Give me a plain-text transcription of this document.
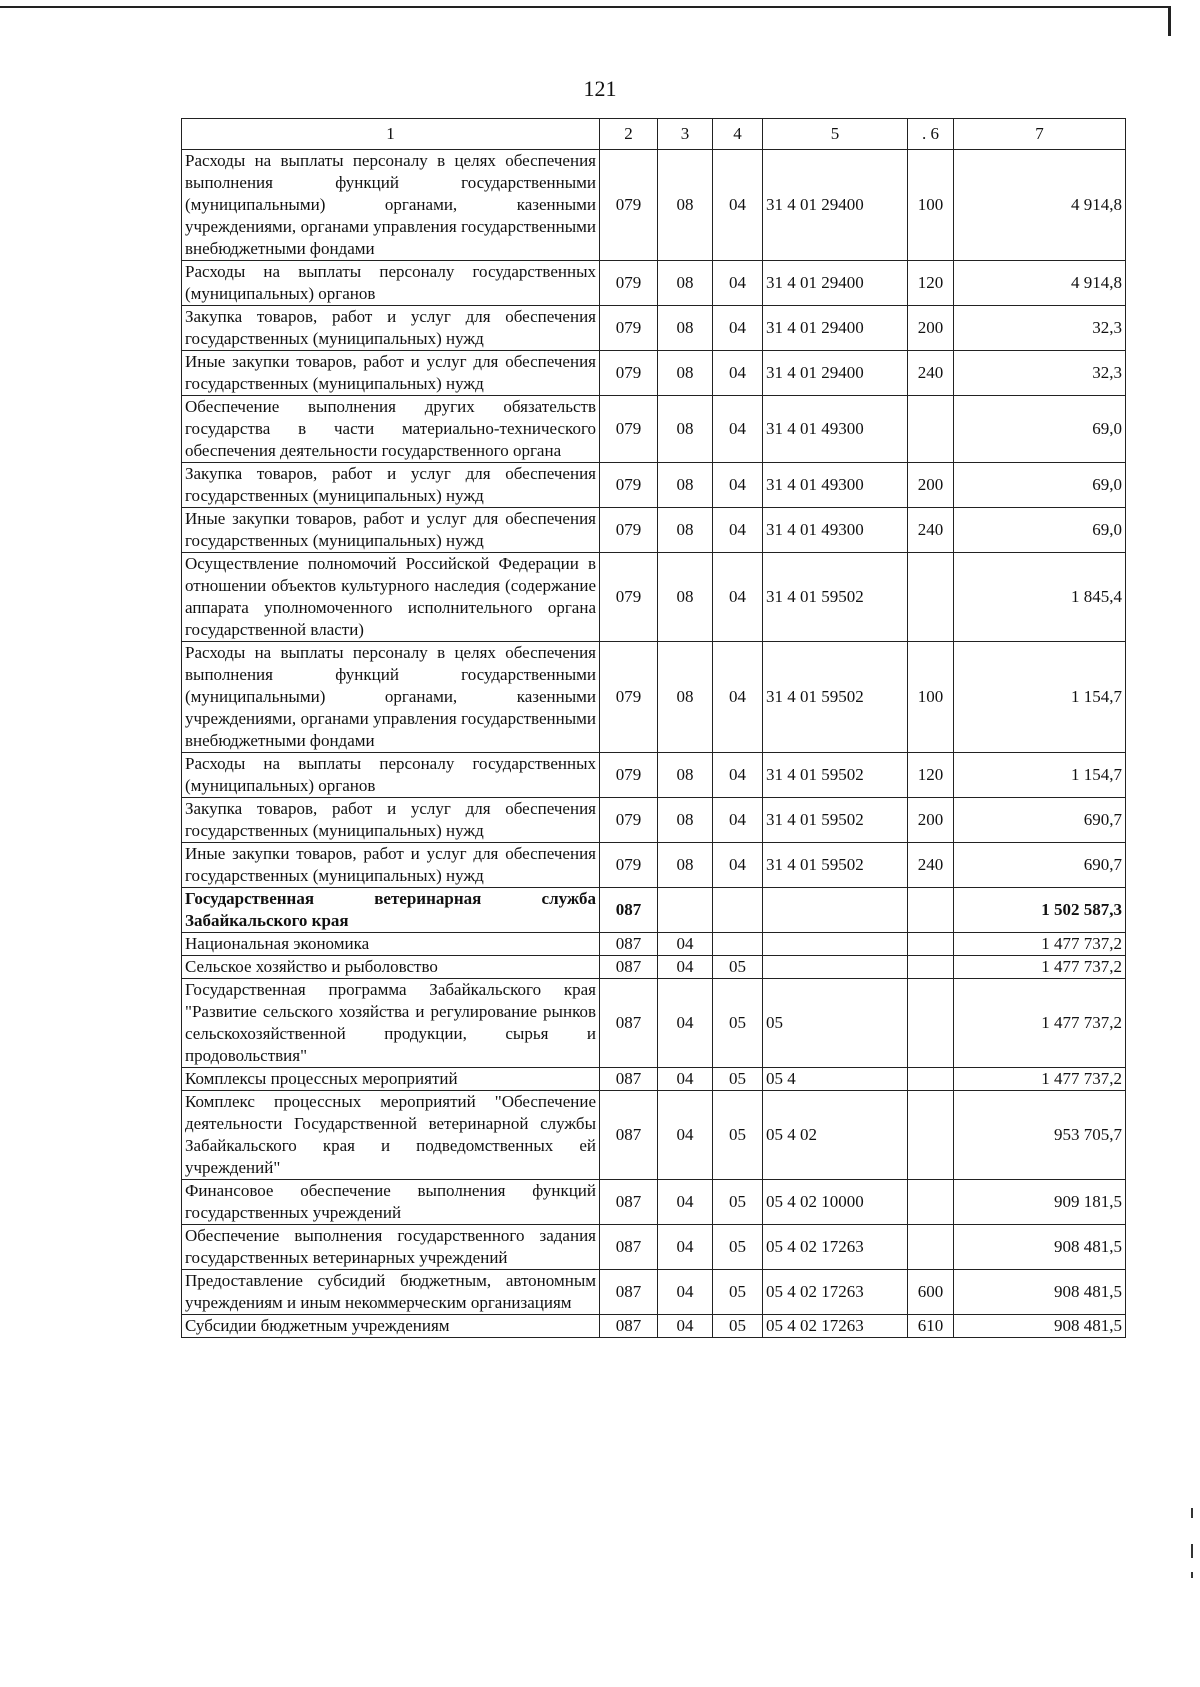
121
1	2	3	4	5	. 6	7
Расходы на выплаты персоналу в целях обеспечения выполнения функций государственными (муниципальными) органами, казенными учреждениями, органами управления государственными внебюджетными фондами	079	08	04	31 4 01 29400	100	4 914,8
Расходы на выплаты персоналу государственных (муниципальных) органов	079	08	04	31 4 01 29400	120	4 914,8
Закупка товаров, работ и услуг для обеспечения государственных (муниципальных) нужд	079	08	04	31 4 01 29400	200	32,3
Иные закупки товаров, работ и услуг для обеспечения государственных (муниципальных) нужд	079	08	04	31 4 01 29400	240	32,3
Обеспечение выполнения других обязательств государства в части материально-технического обеспечения деятельности государственного органа	079	08	04	31 4 01 49300		69,0
Закупка товаров, работ и услуг для обеспечения государственных (муниципальных) нужд	079	08	04	31 4 01 49300	200	69,0
Иные закупки товаров, работ и услуг для обеспечения государственных (муниципальных) нужд	079	08	04	31 4 01 49300	240	69,0
Осуществление полномочий Российской Федерации в отношении объектов культурного наследия (содержание аппарата уполномоченного исполнительного органа государственной власти)	079	08	04	31 4 01 59502		1 845,4
Расходы на выплаты персоналу в целях обеспечения выполнения функций государственными (муниципальными) органами, казенными учреждениями, органами управления государственными внебюджетными фондами	079	08	04	31 4 01 59502	100	1 154,7
Расходы на выплаты персоналу государственных (муниципальных) органов	079	08	04	31 4 01 59502	120	1 154,7
Закупка товаров, работ и услуг для обеспечения государственных (муниципальных) нужд	079	08	04	31 4 01 59502	200	690,7
Иные закупки товаров, работ и услуг для обеспечения государственных (муниципальных) нужд	079	08	04	31 4 01 59502	240	690,7
Государственная ветеринарная служба Забайкальского края	087					1 502 587,3
Национальная экономика	087	04				1 477 737,2
Сельское хозяйство и рыболовство	087	04	05			1 477 737,2
Государственная программа Забайкальского края "Развитие сельского хозяйства и регулирование рынков сельскохозяйственной продукции, сырья и продовольствия"	087	04	05	05		1 477 737,2
Комплексы процессных мероприятий	087	04	05	05 4		1 477 737,2
Комплекс процессных мероприятий "Обеспечение деятельности Государственной ветеринарной службы Забайкальского края и подведомственных ей учреждений"	087	04	05	05 4 02		953 705,7
Финансовое обеспечение выполнения функций государственных учреждений	087	04	05	05 4 02 10000		909 181,5
Обеспечение выполнения государственного задания государственных ветеринарных учреждений	087	04	05	05 4 02 17263		908 481,5
Предоставление субсидий бюджетным, автономным учреждениям и иным некоммерческим организациям	087	04	05	05 4 02 17263	600	908 481,5
Субсидии бюджетным учреждениям	087	04	05	05 4 02 17263	610	908 481,5
